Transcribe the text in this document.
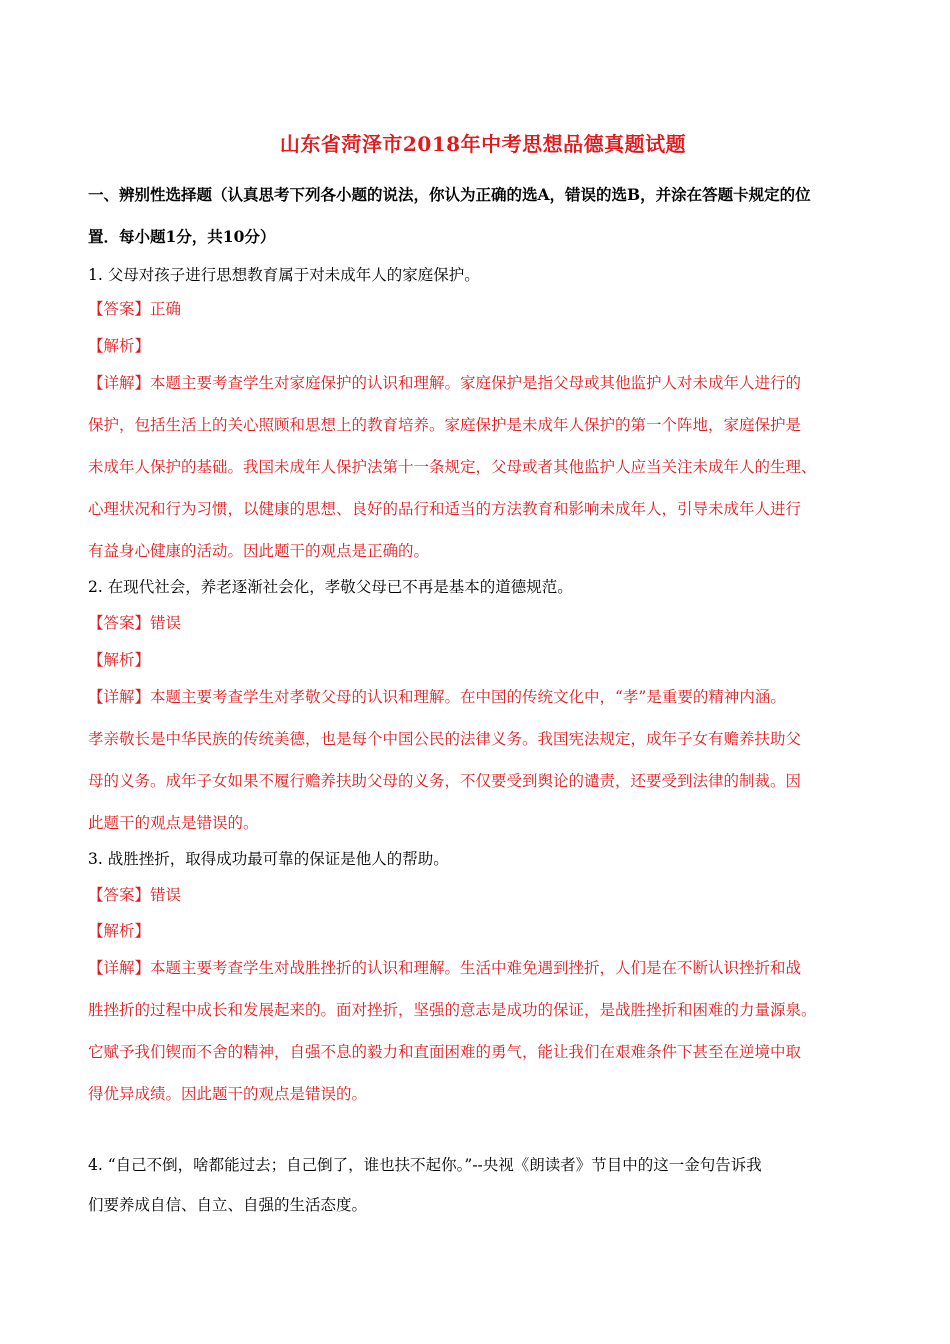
山东省菏泽市2018年中考思想品德真题试题
一、辨别性选择题（认真思考下列各小题的说法，你认为正确的选A，错误的选B，并涂在答题卡规定的位
置．每小题1分，共10分）
1. 父母对孩子进行思想教育属于对未成年人的家庭保护。
【答案】正确
【解析】
【详解】本题主要考查学生对家庭保护的认识和理解。家庭保护是指父母或其他监护人对未成年人进行的
保护，包括生活上的关心照顾和思想上的教育培养。家庭保护是未成年人保护的第一个阵地，家庭保护是
未成年人保护的基础。我国未成年人保护法第十一条规定，父母或者其他监护人应当关注未成年人的生理、
心理状况和行为习惯，以健康的思想、良好的品行和适当的方法教育和影响未成年人，引导未成年人进行
有益身心健康的活动。因此题干的观点是正确的。
2. 在现代社会，养老逐渐社会化，孝敬父母已不再是基本的道德规范。
【答案】错误
【解析】
【详解】本题主要考查学生对孝敬父母的认识和理解。在中国的传统文化中，“孝”是重要的精神内涵。
孝亲敬长是中华民族的传统美德，也是每个中国公民的法律义务。我国宪法规定，成年子女有赡养扶助父
母的义务。成年子女如果不履行赡养扶助父母的义务，不仅要受到舆论的谴责，还要受到法律的制裁。因
此题干的观点是错误的。
3. 战胜挫折，取得成功最可靠的保证是他人的帮助。
【答案】错误
【解析】
【详解】本题主要考查学生对战胜挫折的认识和理解。生活中难免遇到挫折，人们是在不断认识挫折和战
胜挫折的过程中成长和发展起来的。面对挫折，坚强的意志是成功的保证，是战胜挫折和困难的力量源泉。
它赋予我们锲而不舍的精神，自强不息的毅力和直面困难的勇气，能让我们在艰难条件下甚至在逆境中取
得优异成绩。因此题干的观点是错误的。
4. “自己不倒，啥都能过去；自己倒了，谁也扶不起你。”--央视《朗读者》节目中的这一金句告诉我
们要养成自信、自立、自强的生活态度。
